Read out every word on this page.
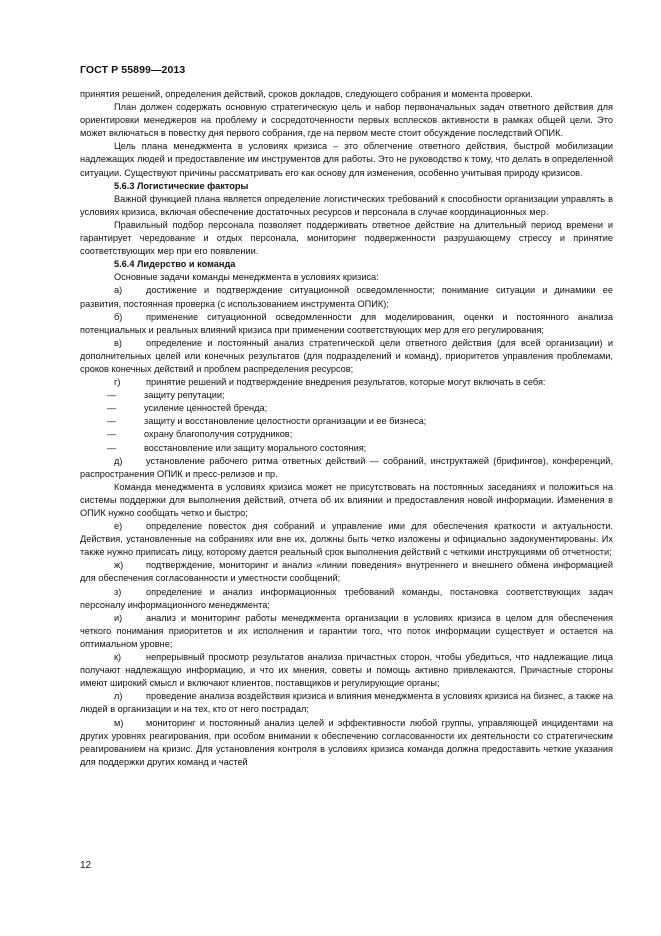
ГОСТ Р 55899—2013

принятия решений, определения действий, сроков докладов, следующего собрания и момента проверки.

План должен содержать основную стратегическую цель и набор первоначальных задач ответного действия для ориентировки менеджеров на проблему и сосредоточенности первых всплесков активности в рамках общей цели. Это может включаться в повестку дня первого собрания, где на первом месте стоит обсуждение последствий ОПИК.

Цель плана менеджмента в условиях кризиса – это облегчение ответного действия, быстрой мобилизации надлежащих людей и предоставление им инструментов для работы. Это не руководство к тому, что делать в определенной ситуации. Существуют причины рассматривать его как основу для изменения, особенно учитывая природу кризисов.

5.6.3 Логистические факторы

Важной функцией плана является определение логистических требований к способности организации управлять в условиях кризиса, включая обеспечение достаточных ресурсов и персонала в случае координационных мер.

Правильный подбор персонала позволяет поддерживать ответное действие на длительный период времени и гарантирует чередование и отдых персонала, мониторинг подверженности разрушающему стрессу и принятие соответствующих мер при его появлении.

5.6.4 Лидерство и команда

Основные задачи команды менеджмента в условиях кризиса:

а)	достижение и подтверждение ситуационной осведомленности; понимание ситуации и динамики ее развития, постоянная проверка (с использованием инструмента ОПИК);

б)	применение ситуационной осведомленности для моделирования, оценки и постоянного анализа потенциальных и реальных влияний кризиса при применении соответствующих мер для его регулирования;

в)	определение и постоянный анализ стратегической цели ответного действия (для всей организации) и дополнительных целей или конечных результатов (для подразделений и команд), приоритетов управления проблемами, сроков конечных действий и проблем распределения ресурсов;

г)	принятие решений и подтверждение внедрения результатов, которые могут включать в себя:

—	защиту репутации;
—	усиление ценностей бренда;
—	защиту и восстановление целостности организации и ее бизнеса;
—	охрану благополучия сотрудников;
—	восстановление или защиту морального состояния;

д)	установление рабочего ритма ответных действий — собраний, инструктажей (брифингов), конференций, распространения ОПИК и пресс-релизов и пр.

Команда менеджмента в условиях кризиса может не присутствовать на постоянных заседаниях и положиться на системы поддержки для выполнения действий, отчета об их влиянии и предоставления новой информации. Изменения в ОПИК нужно сообщать четко и быстро;

е)	определение повесток дня собраний и управление ими для обеспечения краткости и актуальности. Действия, установленные на собраниях или вне их, должны быть четко изложены и официально задокументированы. Их также нужно приписать лицу, которому дается реальный срок выполнения действий с четкими инструкциями об отчетности;

ж) подтверждение, мониторинг и анализ «линии поведения» внутреннего и внешнего обмена информацией для обеспечения согласованности и уместности сообщений;

з)	определение и анализ информационных требований команды, постановка соответствующих задач персоналу информационного менеджмента;

и)	анализ и мониторинг работы менеджмента организации в условиях кризиса в целом для обеспечения четкого понимания приоритетов и их исполнения и гарантии того, что поток информации существует и остается на оптимальном уровне;

к)	непрерывный просмотр результатов анализа причастных сторон, чтобы убедиться, что надлежащие лица получают надлежащую информацию, и что их мнения, советы и помощь активно привлекаются. Причастные стороны имеют широкий смысл и включают клиентов, поставщиков и регулирующие органы;

л)	проведение анализа воздействия кризиса и влияния менеджмента в условиях кризиса на бизнес, а также на людей в организации и на тех, кто от него пострадал;

м) мониторинг и постоянный анализ целей и эффективности любой группы, управляющей инцидентами на других уровнях реагирования, при особом внимании к обеспечению согласованности их деятельности со стратегическим реагированием на кризис. Для установления контроля в условиях кризиса команда должна предоставить четкие указания для поддержки других команд и частей

12
